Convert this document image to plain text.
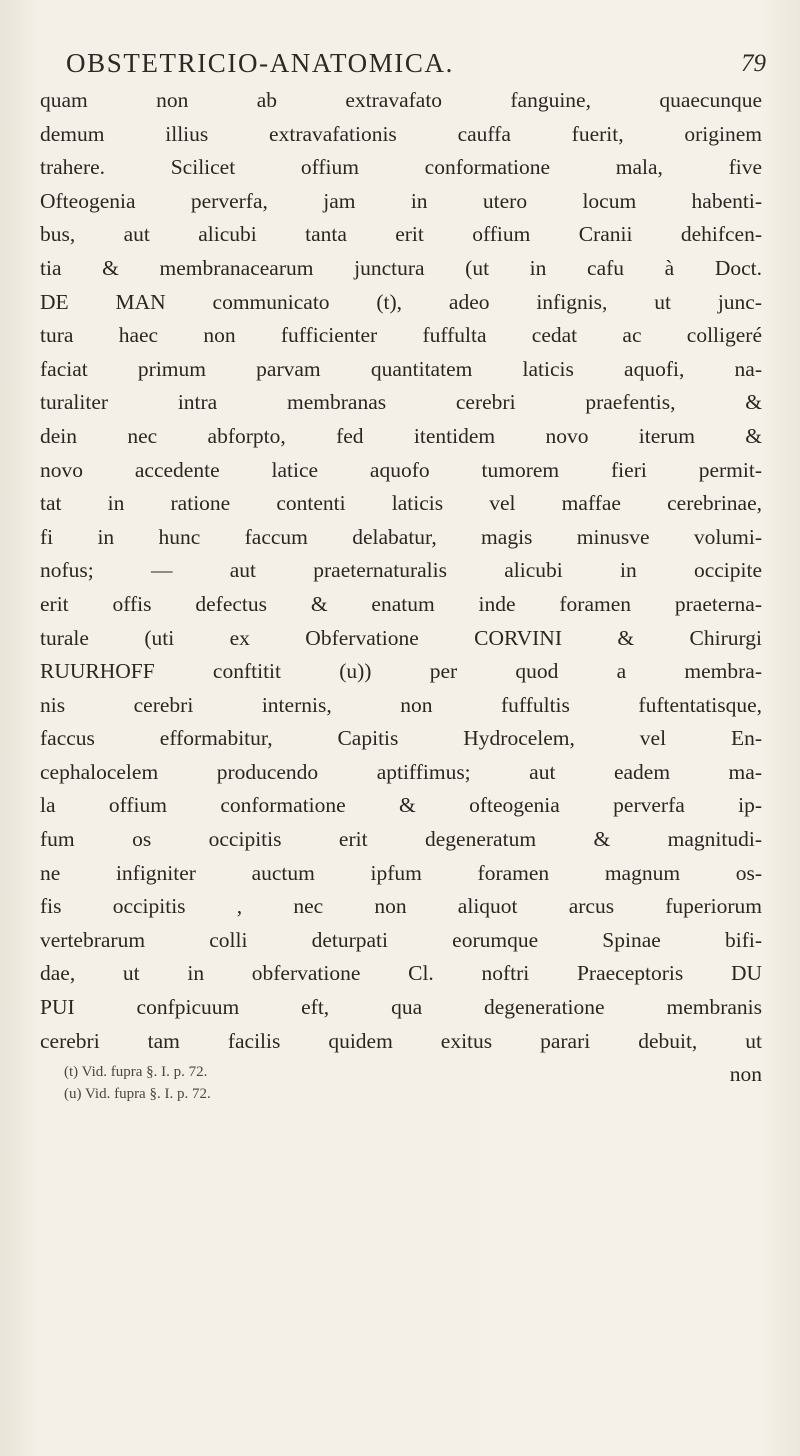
OBSTETRICIO-ANATOMICA.	79
quam non ab extravafato fanguine, quaecunque
demum illius extravafationis cauffa fuerit, originem
trahere. Scilicet offium conformatione mala, five
Ofteogenia perverfa, jam in utero locum habenti-
bus, aut alicubi tanta erit offium Cranii dehifcen-
tia & membranacearum junctura (ut in cafu à Doct.
DE MAN communicato (t), adeo infignis, ut junc-
tura haec non fufficienter fuffulta cedat ac colligeré
faciat primum parvam quantitatem laticis aquofi, na-
turaliter intra membranas cerebri praefentis, &
dein nec abforpto, fed itentidem novo iterum &
novo accedente latice aquofo tumorem fieri permit-
tat in ratione contenti laticis vel maffae cerebrinae,
fi in hunc faccum delabatur, magis minusve volumi-
nofus; — aut praeternaturalis alicubi in occipite
erit offis defectus & enatum inde foramen praeterna-
turale (uti ex Obfervatione CORVINI & Chirurgi
RUURHOFF conftitit (u)) per quod a membra-
nis cerebri internis, non fuffultis fuftentatisque,
faccus efformabitur, Capitis Hydrocelem, vel En-
cephalocelem producendo aptiffimus; aut eadem ma-
la offium conformatione & ofteogenia perverfa ip-
fum os occipitis erit degeneratum & magnitudi-
ne infigniter auctum ipfum foramen magnum os-
fis occipitis , nec non aliquot arcus fuperiorum
vertebrarum colli deturpati eorumque Spinae bifi-
dae, ut in obfervatione Cl. noftri Praeceptoris DU
PUI confpicuum eft, qua degeneratione membranis
cerebri tam facilis quidem exitus parari debuit, ut
non
(t) Vid. fupra §. I. p. 72.
(u) Vid. fupra §. I. p. 72.
